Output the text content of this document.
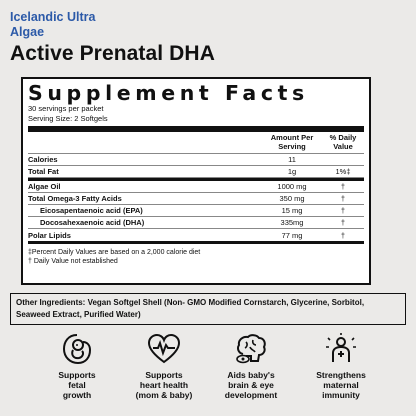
Icelandic Ultra
Algae
Active Prenatal DHA
Supplement Facts
30 servings per packet
Serving Size: 2 Softgels
Amount Per
Serving
% Daily
Value
Calories	11
Total Fat	1g	1%‡
Algae Oil	1000 mg	†
Total Omega-3 Fatty Acids	350 mg	†
Eicosapentaenoic acid (EPA)	15 mg	†
Docosahexaenoic acid (DHA)	335mg	†
Polar Lipids	77 mg	†
‡Percent Daily Values are based on a 2,000 calorie diet
† Daily Value not established
Other Ingredients: Vegan Softgel Shell (Non- GMO Modified Cornstarch, Glycerine, Sorbitol, Seaweed Extract, Purified Water)
Supports
fetal
growth
Supports
heart health
(mom & baby)
Aids baby's
brain & eye
development
Strengthens
maternal
immunity
